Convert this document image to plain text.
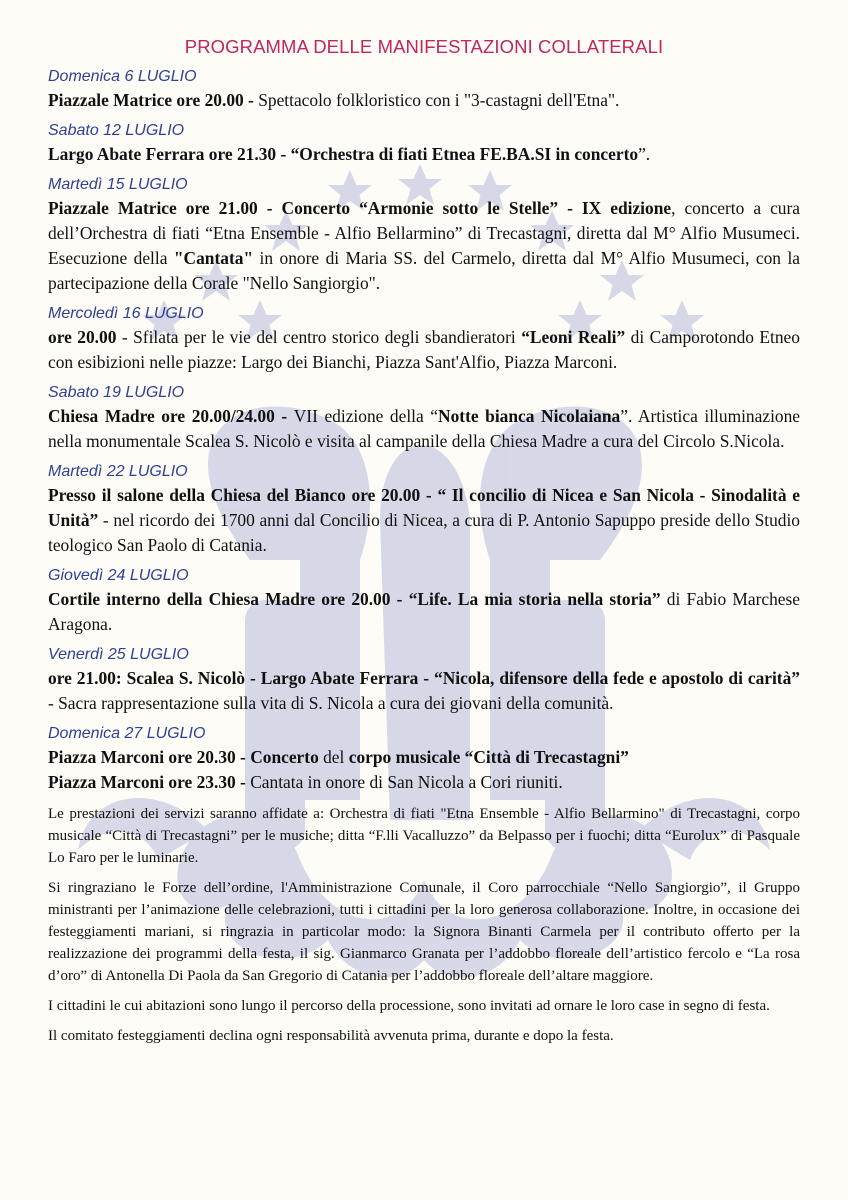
PROGRAMMA DELLE MANIFESTAZIONI COLLATERALI
Domenica 6 LUGLIO
Piazzale Matrice ore 20.00 - Spettacolo folkloristico con i "3-castagni dell'Etna".
Sabato 12 LUGLIO
Largo Abate Ferrara ore 21.30 - “Orchestra di fiati Etnea FE.BA.SI in concerto”.
Martedì 15 LUGLIO
Piazzale Matrice ore 21.00 - Concerto “Armonie sotto le Stelle” - IX edizione, concerto a cura dell’Orchestra di fiati “Etna Ensemble - Alfio Bellarmino” di Trecastagni, diretta dal M° Alfio Musumeci. Esecuzione della "Cantata" in onore di Maria SS. del Carmelo, diretta dal M° Alfio Musumeci, con la partecipazione della Corale "Nello Sangiorgio".
Mercoledì 16 LUGLIO
ore 20.00 - Sfilata per le vie del centro storico degli sbandieratori “Leoni Reali” di Camporotondo Etneo con esibizioni nelle piazze: Largo dei Bianchi, Piazza Sant'Alfio, Piazza Marconi.
Sabato 19 LUGLIO
Chiesa Madre ore 20.00/24.00 - VII edizione della “Notte bianca Nicolaiana”. Artistica illuminazione nella monumentale Scalea S. Nicolò e visita al campanile della Chiesa Madre a cura del Circolo S.Nicola.
Martedì 22 LUGLIO
Presso il salone della Chiesa del Bianco ore 20.00 - “ Il concilio di Nicea e San Nicola - Sinodalità e Unità” - nel ricordo dei 1700 anni dal Concilio di Nicea, a cura di P. Antonio Sapuppo preside dello Studio teologico San Paolo di Catania.
Giovedì 24 LUGLIO
Cortile interno della Chiesa Madre ore 20.00 - “Life. La mia storia nella storia” di Fabio Marchese Aragona.
Venerdì 25 LUGLIO
ore 21.00: Scalea S. Nicolò - Largo Abate Ferrara - “Nicola, difensore della fede e apostolo di carità” - Sacra rappresentazione sulla vita di S. Nicola a cura dei giovani della comunità.
Domenica 27 LUGLIO
Piazza Marconi ore 20.30 - Concerto del corpo musicale “Città di Trecastagni”
Piazza Marconi ore 23.30 - Cantata in onore di San Nicola a Cori riuniti.
Le prestazioni dei servizi saranno affidate a: Orchestra di fiati "Etna Ensemble - Alfio Bellarmino" di Trecastagni, corpo musicale “Città di Trecastagni” per le musiche; ditta “F.lli Vacalluzzo” da Belpasso per i fuochi; ditta “Eurolux” di Pasquale Lo Faro per le luminarie.
Si ringraziano le Forze dell’ordine, l'Amministrazione Comunale, il Coro parrocchiale “Nello Sangiorgio”, il Gruppo ministranti per l’animazione delle celebrazioni, tutti i cittadini per la loro generosa collaborazione. Inoltre, in occasione dei festeggiamenti mariani, si ringrazia in particolar modo: la Signora Binanti Carmela per il contributo offerto per la realizzazione dei programmi della festa, il sig. Gianmarco Granata per l’addobbo floreale dell’artistico fercolo e “La rosa d’oro” di Antonella Di Paola da San Gregorio di Catania per l’addobbo floreale dell’altare maggiore.
I cittadini le cui abitazioni sono lungo il percorso della processione, sono invitati ad ornare le loro case in segno di festa.
Il comitato festeggiamenti declina ogni responsabilità avvenuta prima, durante e dopo la festa.
